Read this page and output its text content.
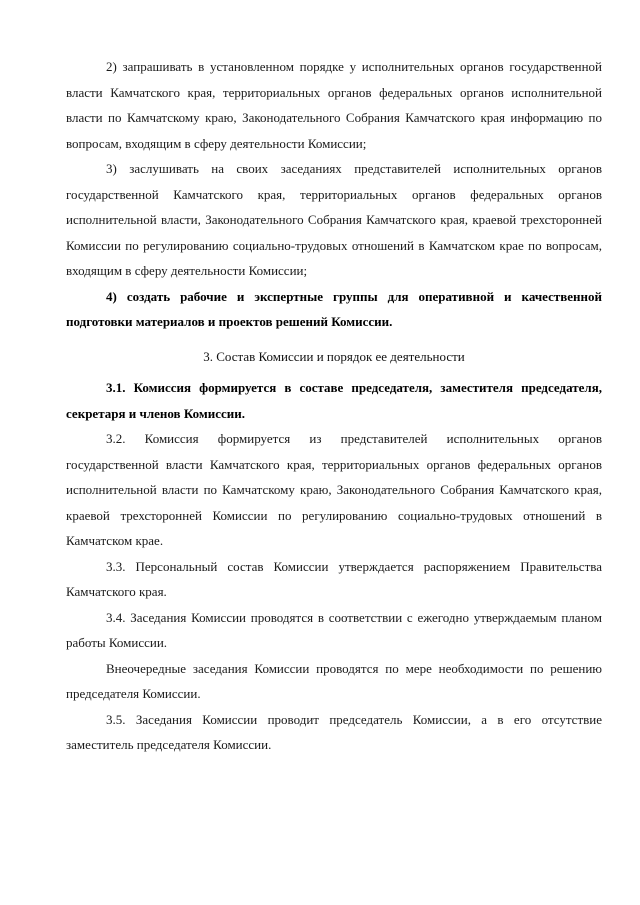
2) запрашивать в установленном порядке у исполнительных органов государственной власти Камчатского края, территориальных органов федеральных органов исполнительной власти по Камчатскому краю, Законодательного Собрания Камчатского края информацию по вопросам, входящим в сферу деятельности Комиссии;

3) заслушивать на своих заседаниях представителей исполнительных органов государственной Камчатского края, территориальных органов федеральных органов исполнительной власти, Законодательного Собрания Камчатского края, краевой трехсторонней Комиссии по регулированию социально-трудовых отношений в Камчатском крае по вопросам, входящим в сферу деятельности Комиссии;

4) создать рабочие и экспертные группы для оперативной и качественной подготовки материалов и проектов решений Комиссии.

3. Состав Комиссии и порядок ее деятельности

3.1. Комиссия формируется в составе председателя, заместителя председателя, секретаря и членов Комиссии.

3.2. Комиссия формируется из представителей исполнительных органов государственной власти Камчатского края, территориальных органов федеральных органов исполнительной власти по Камчатскому краю, Законодательного Собрания Камчатского края, краевой трехсторонней Комиссии по регулированию социально-трудовых отношений в Камчатском крае.

3.3. Персональный состав Комиссии утверждается распоряжением Правительства Камчатского края.

3.4. Заседания Комиссии проводятся в соответствии с ежегодно утверждаемым планом работы Комиссии.

Внеочередные заседания Комиссии проводятся по мере необходимости по решению председателя Комиссии.

3.5. Заседания Комиссии проводит председатель Комиссии, а в его отсутствие заместитель председателя Комиссии.
